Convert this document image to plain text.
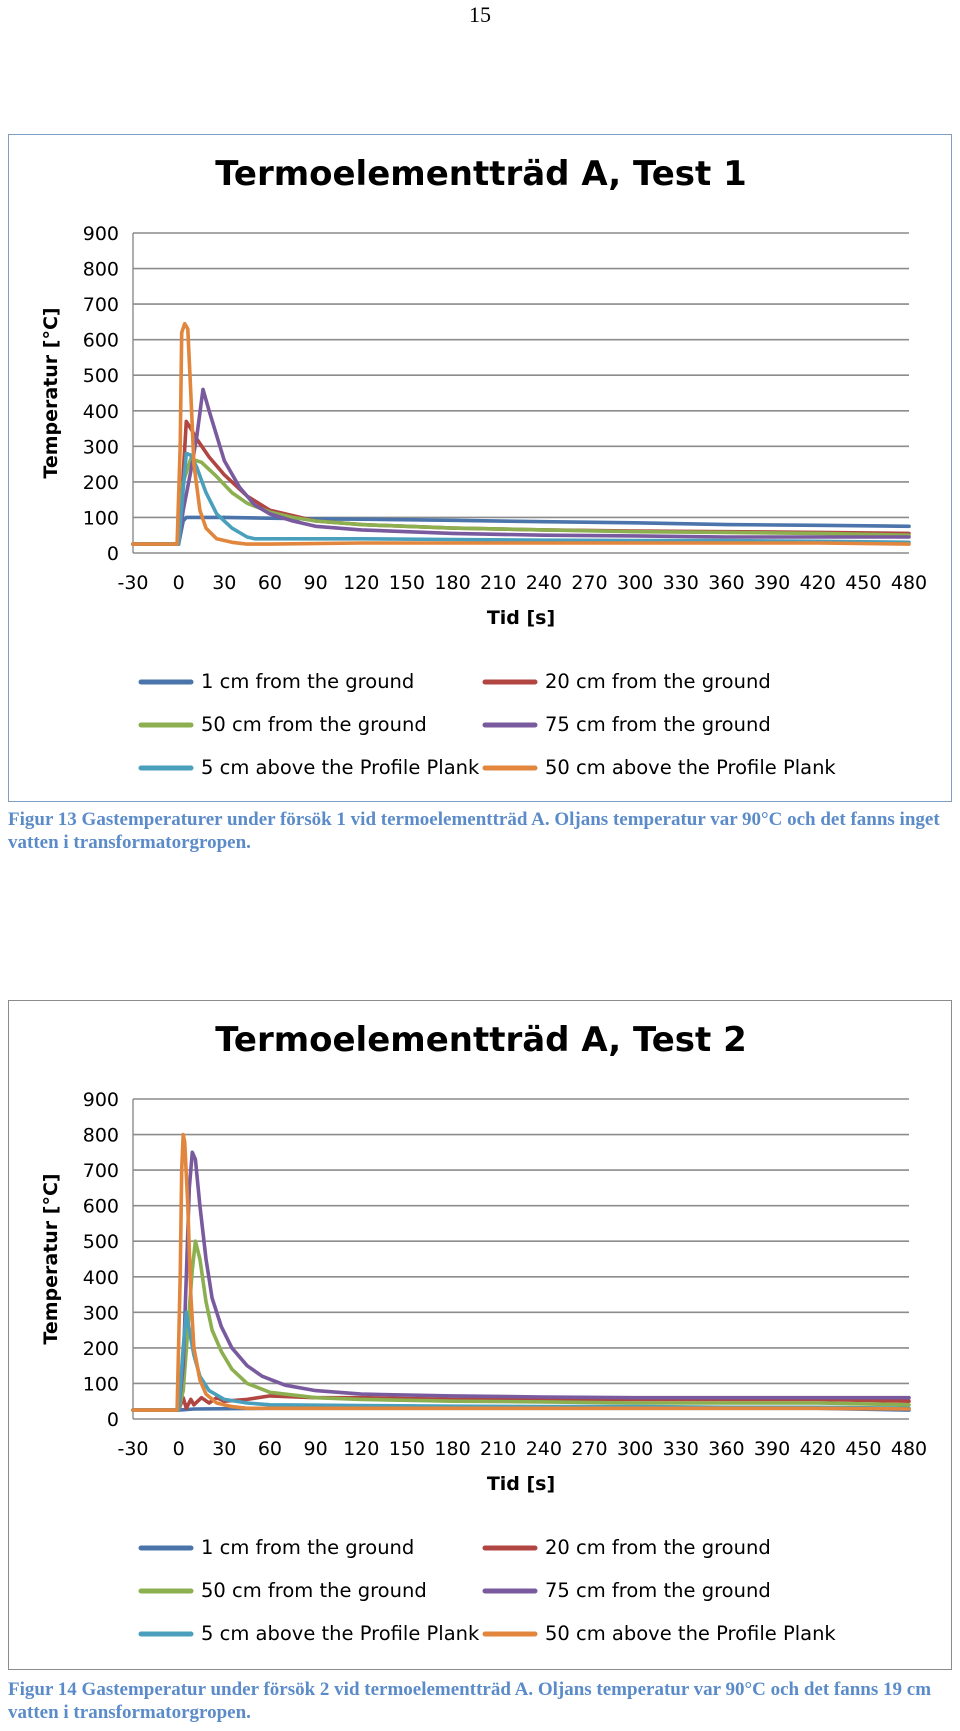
15
Termoelementträd A, Test 1
0
100
200
300
400
500
600
700
800
900
-30 0 30 60 90 120 150 180 210 240 270 300 330 360 390 420 450 480
Tid [s]
Temperatur [°C]
1 cm from the ground	20 cm from the ground
50 cm from the ground	75 cm from the ground
5 cm above the Profile Plank	50 cm above the Profile Plank
Figur 13 Gastemperaturer under försök 1 vid termoelementträd A. Oljans temperatur var 90°C och det fanns inget vatten i transformatorgropen.
Termoelementträd A, Test 2
0
100
200
300
400
500
600
700
800
900
-30 0 30 60 90 120 150 180 210 240 270 300 330 360 390 420 450 480
Tid [s]
Temperatur [°C]
1 cm from the ground	20 cm from the ground
50 cm from the ground	75 cm from the ground
5 cm above the Profile Plank	50 cm above the Profile Plank
Figur 14 Gastemperatur under försök 2 vid termoelementträd A. Oljans temperatur var 90°C och det fanns 19 cm vatten i transformatorgropen.
